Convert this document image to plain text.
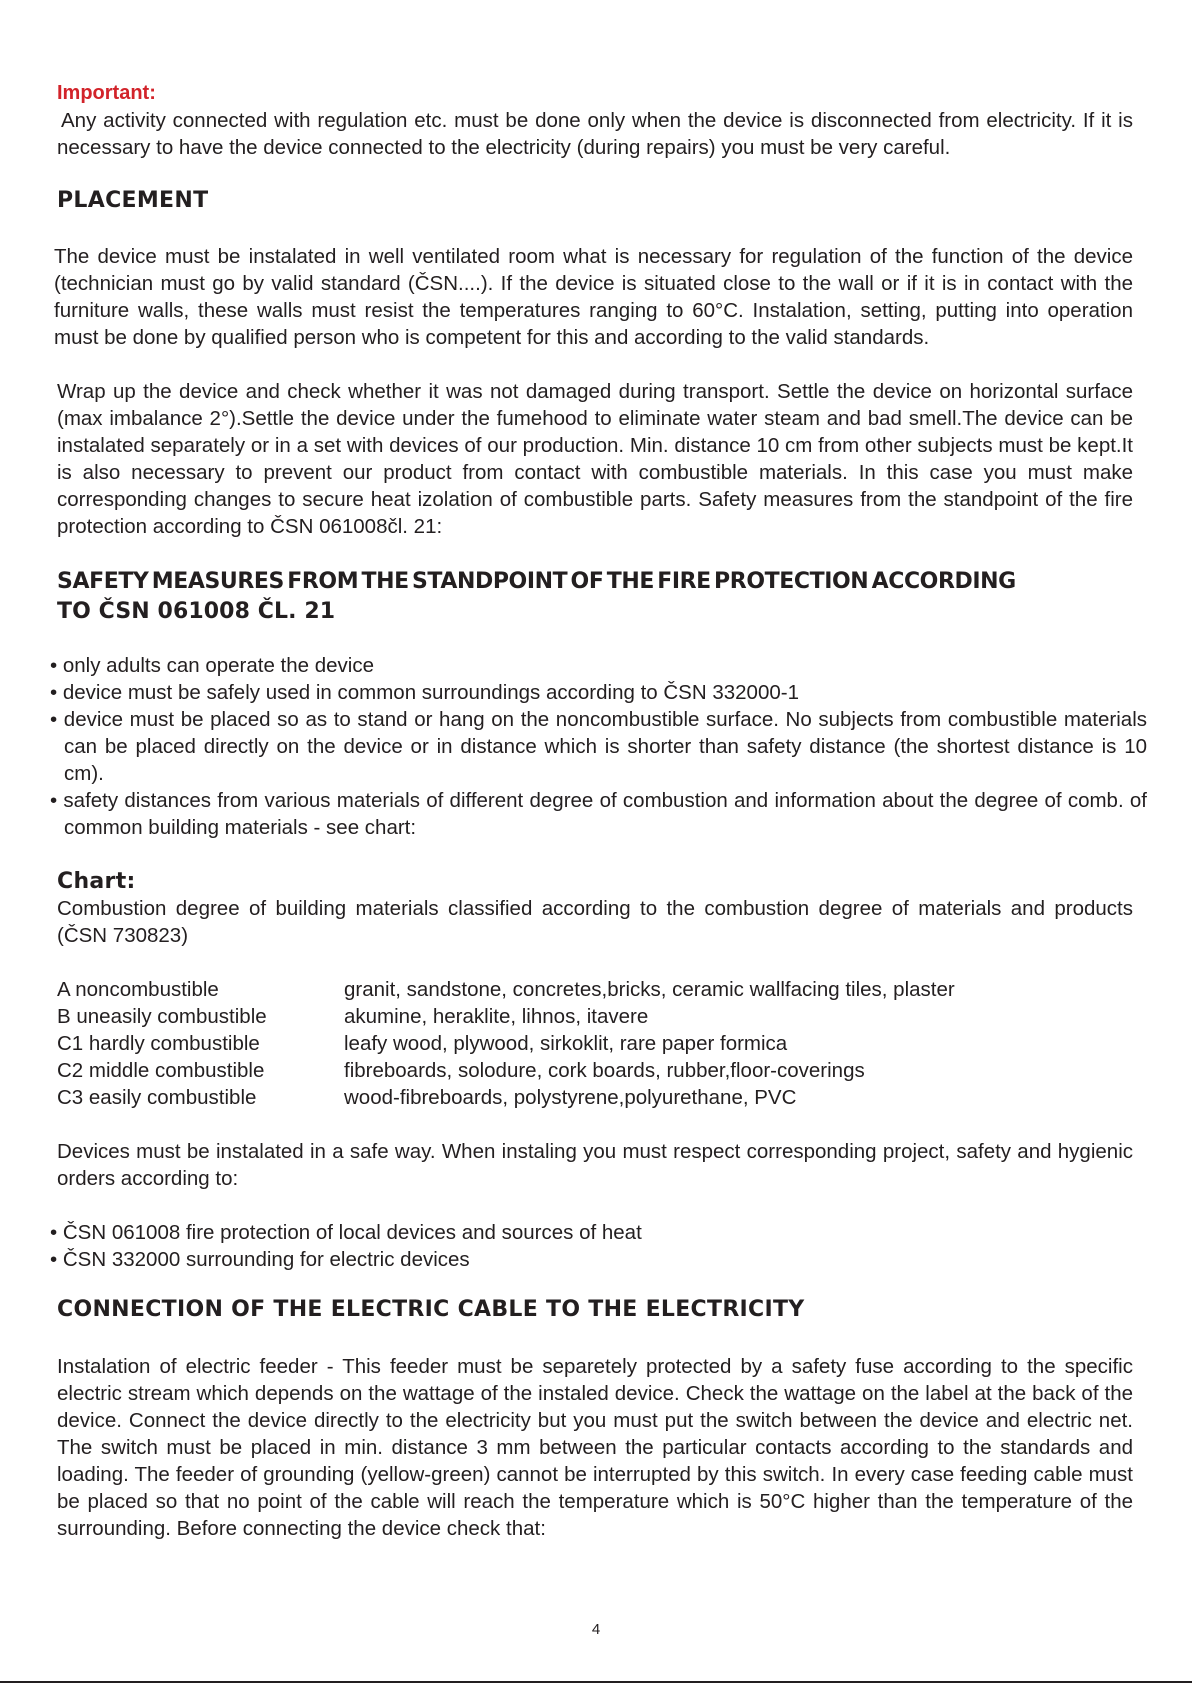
Important:

Any activity connected with regulation etc. must be done only when the device is disconnected from electricity. If it is necessary to have the device connected to the electricity (during repairs) you must be very careful.

PLACEMENT

The device must be instalated in well ventilated room what is necessary for regulation of the function of the device (technician must go by valid standard (ČSN....). If the device is situated close to the wall or if it is in contact with the furniture walls, these walls must resist the temperatures ranging to 60°C. Instalation, setting, putting into operation must be done by qualified person who is competent for this and according to the valid standards.

Wrap up the device and check whether it was not damaged during transport. Settle the device on horizontal surface (max imbalance 2°).Settle the device under the fumehood to eliminate water steam and bad smell.The device can be instalated separately or in a set with devices of our production. Min. distance 10 cm from other subjects must be kept.It is also necessary to prevent our product from contact with combustible materials. In this case you must make corresponding changes to secure heat izolation of combustible parts. Safety measures from the standpoint of the fire protection according to ČSN 061008čl. 21:

SAFETY MEASURES FROM THE STANDPOINT OF THE FIRE PROTECTION ACCORDING
TO ČSN 061008 ČL. 21

• only adults can operate the device

• device must be safely used in common surroundings according to ČSN 332000-1

• device must be placed so as to stand or hang on the noncombustible surface. No subjects from combustible materials can be placed directly on the device or in distance which is shorter than safety distance (the shortest distance is 10 cm).

• safety distances from various materials of different degree of combustion and information about the degree of comb. of common building materials - see chart:

Chart:

Combustion degree of building materials classified according to the combustion degree of materials and products (ČSN 730823)

A noncombustible	granit, sandstone, concretes,bricks, ceramic wallfacing tiles, plaster
B uneasily combustible	akumine, heraklite, lihnos, itavere
C1 hardly combustible	leafy wood, plywood, sirkoklit, rare paper formica
C2 middle combustible	fibreboards, solodure, cork boards, rubber,floor-coverings
C3 easily combustible	wood-fibreboards, polystyrene,polyurethane, PVC

Devices must be instalated in a safe way. When instaling you must respect corresponding project, safety and hygienic orders according to:

• ČSN 061008 fire protection of local devices and sources of heat

• ČSN 332000 surrounding for electric devices

CONNECTION OF THE ELECTRIC CABLE TO THE ELECTRICITY

Instalation of electric feeder - This feeder must be separetely protected by a safety fuse according to the specific electric stream which depends on the wattage of the instaled device. Check the wattage on the label at the back of the device. Connect the device directly to the electricity but you must put the switch between the device and electric net. The switch must be placed in min. distance 3 mm between the particular contacts according to the standards and loading. The feeder of grounding (yellow-green) cannot be interrupted by this switch. In every case feeding cable must be placed so that no point of the cable will reach the temperature which is 50°C higher than the temperature of the surrounding. Before connecting the device check that:

4
